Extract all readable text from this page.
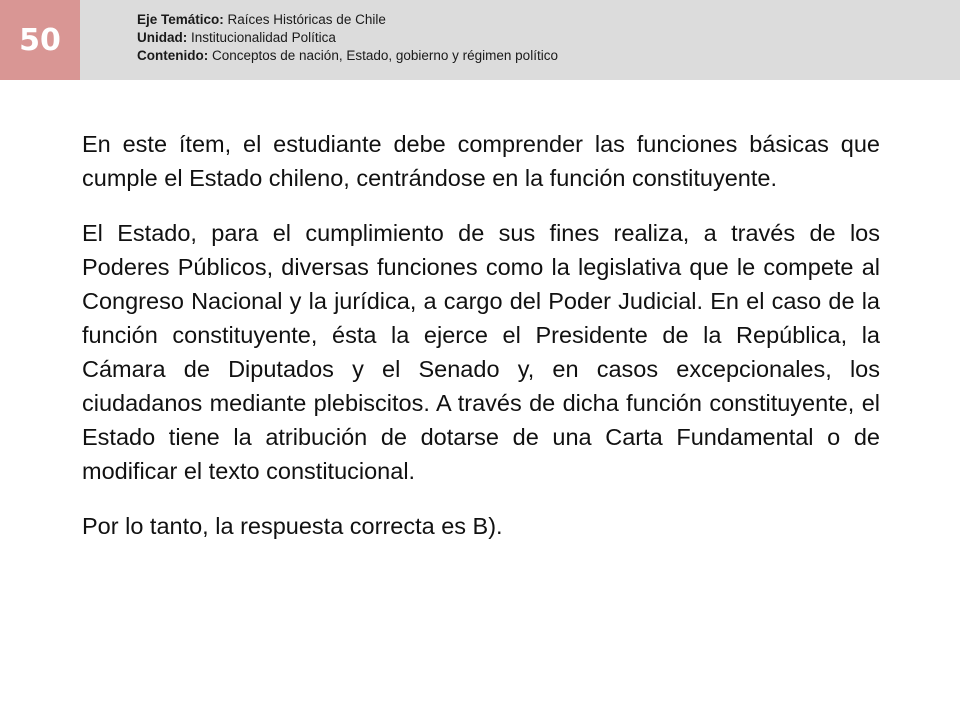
50
Eje Temático: Raíces Históricas de Chile
Unidad: Institucionalidad Política
Contenido: Conceptos de nación, Estado, gobierno y régimen político

En este ítem, el estudiante debe comprender las funciones básicas que cumple el Estado chileno, centrándose en la función constituyente.

El Estado, para el cumplimiento de sus fines realiza, a través de los Poderes Públicos, diversas funciones como la legislativa que le compete al Congreso Nacional y la jurídica, a cargo del Poder Judicial. En el caso de la función constituyente, ésta la ejerce el Presidente de la República, la Cámara de Diputados y el Senado y, en casos excepcionales, los ciudadanos mediante plebiscitos. A través de dicha función constituyente, el Estado tiene la atribución de dotarse de una Carta Fundamental o de modificar el texto constitucional.

Por lo tanto, la respuesta correcta es B).
